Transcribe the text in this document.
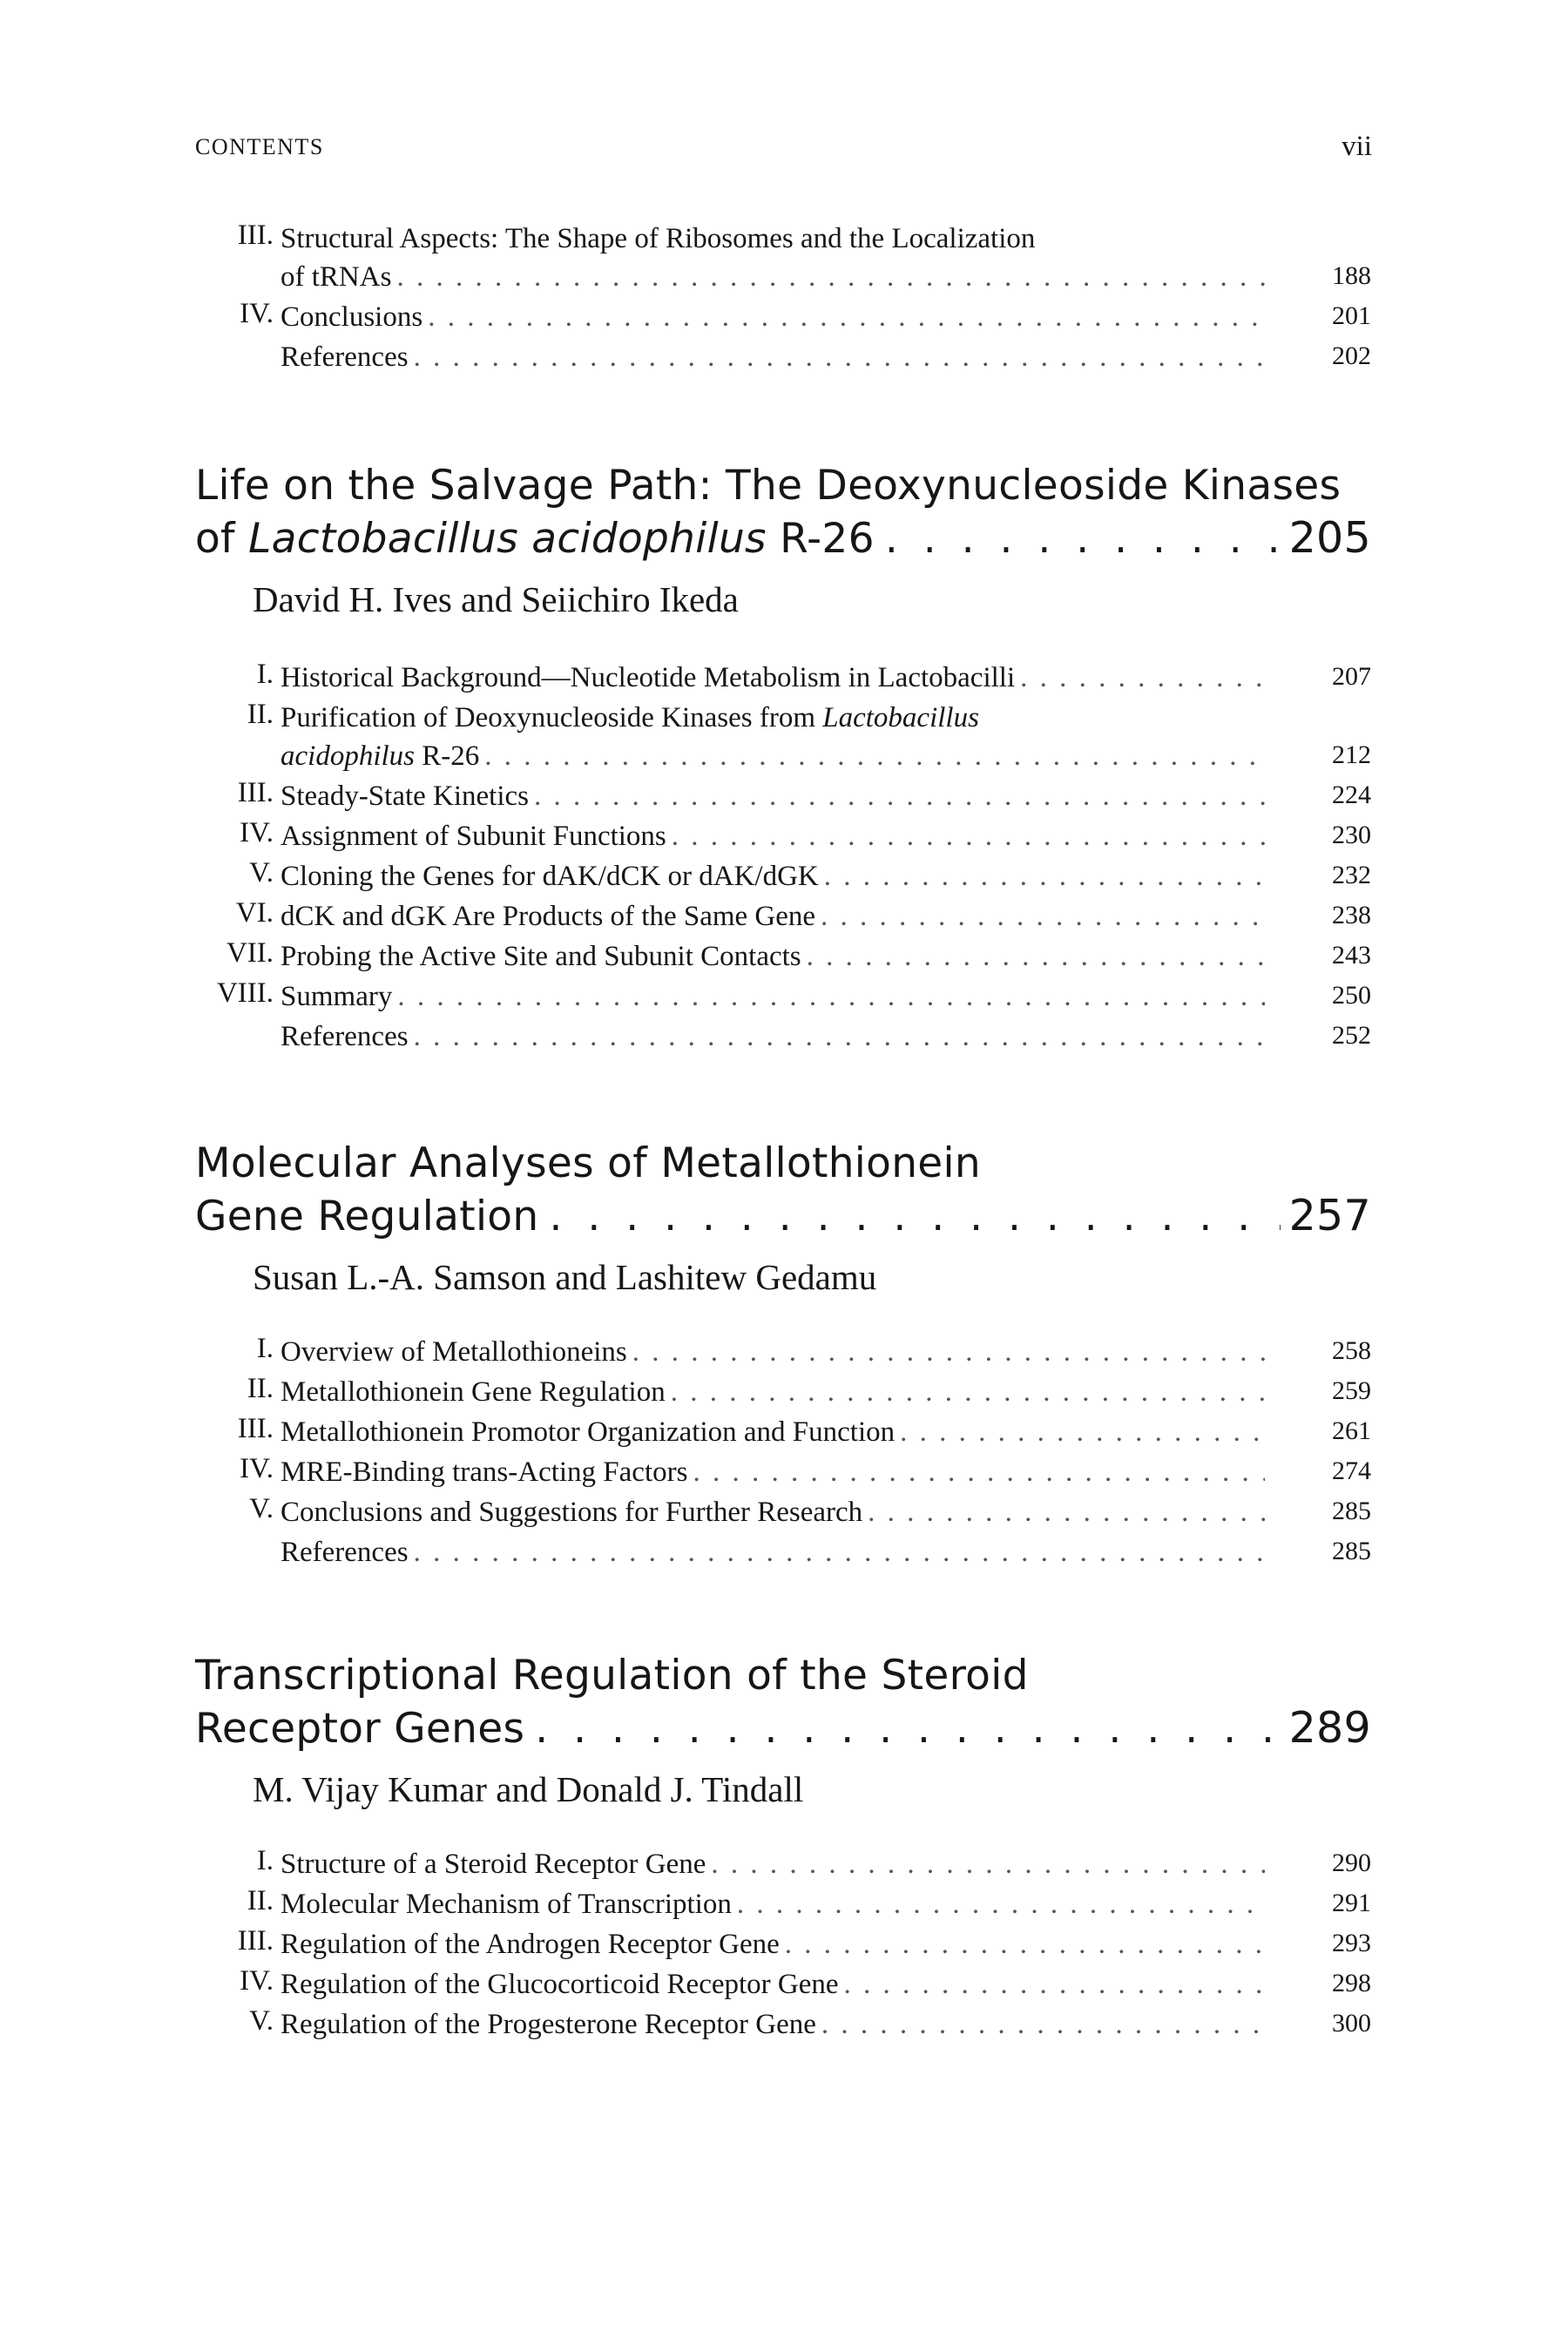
CONTENTS	vii
III. Structural Aspects: The Shape of Ribosomes and the Localization
of tRNAs . . .	188
IV. Conclusions . . .	201
References . . .	202
Life on the Salvage Path: The Deoxynucleoside Kinases
of Lactobacillus acidophilus R-26 . . .	205
David H. Ives and Seiichiro Ikeda
I. Historical Background—Nucleotide Metabolism in Lactobacilli . . .	207
II. Purification of Deoxynucleoside Kinases from Lactobacillus
acidophilus R-26 . . .	212
III. Steady-State Kinetics . . .	224
IV. Assignment of Subunit Functions . . .	230
V. Cloning the Genes for dAK/dCK or dAK/dGK . . .	232
VI. dCK and dGK Are Products of the Same Gene . . .	238
VII. Probing the Active Site and Subunit Contacts . . .	243
VIII. Summary . . .	250
References . . .	252
Molecular Analyses of Metallothionein
Gene Regulation . . .	257
Susan L.-A. Samson and Lashitew Gedamu
I. Overview of Metallothioneins . . .	258
II. Metallothionein Gene Regulation . . .	259
III. Metallothionein Promotor Organization and Function . . .	261
IV. MRE-Binding trans-Acting Factors . . .	274
V. Conclusions and Suggestions for Further Research . . .	285
References . . .	285
Transcriptional Regulation of the Steroid
Receptor Genes . . .	289
M. Vijay Kumar and Donald J. Tindall
I. Structure of a Steroid Receptor Gene . . .	290
II. Molecular Mechanism of Transcription . . .	291
III. Regulation of the Androgen Receptor Gene . . .	293
IV. Regulation of the Glucocorticoid Receptor Gene . . .	298
V. Regulation of the Progesterone Receptor Gene . . .	300
